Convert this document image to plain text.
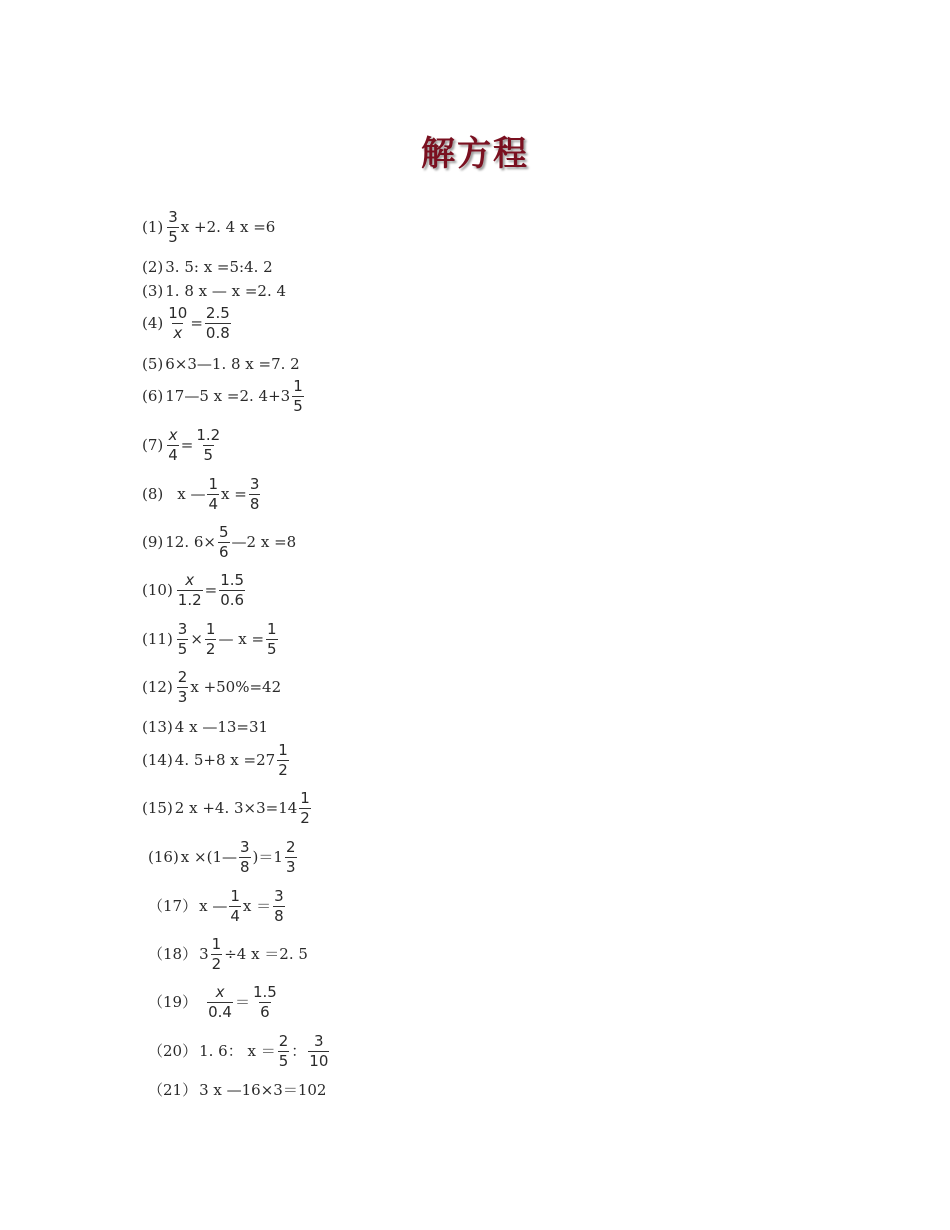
解方程
$(1) \frac{3}{5}$ x +2. 4 x =6
(2) 3. 5: x =5:4. 2
(3) 1. 8 x — x =2. 4
$(4) \frac{10}{x} = \frac{2.5}{0.8}$
(5) 6×3—1. 8 x =7. 2
(6) 17—5 x =2. $4+3 \frac{1}{5}$
$(7) \frac{x}{4} = \frac{1.2}{5}$
(8) x — $\frac{1}{4}$ $x = \frac{3}{8}$
(9) 12. $6\times \frac{5}{6}$ —2 x =8
$(10) \frac{x}{1.2} = \frac{1.5}{0.6}$
$(11) \frac{3}{5} \times \frac{1}{2}$ — $x = \frac{1}{5}$
$(12) \frac{2}{3}$ x +50%=42
(13) 4 x —13=31
(14) 4. 5+8 $x =27 \frac{1}{2}$
(15) 2 x +4. $3\times 3=14 \frac{1}{2}$
(16) x ×(1— $\frac{3}{8} )=1 \frac{2}{3}$
（17） x — $\frac{1}{4}$ $x = \frac{3}{8}$
（18） $3 \frac{1}{2} \div 4$ x ＝2. 5
$(19) \frac{x}{0.4} = \frac{1.5}{6}$
（20） 1. 6： $x = \frac{2}{5}$ ： $\frac{3}{10}$
（21） 3 x —16×3＝102
